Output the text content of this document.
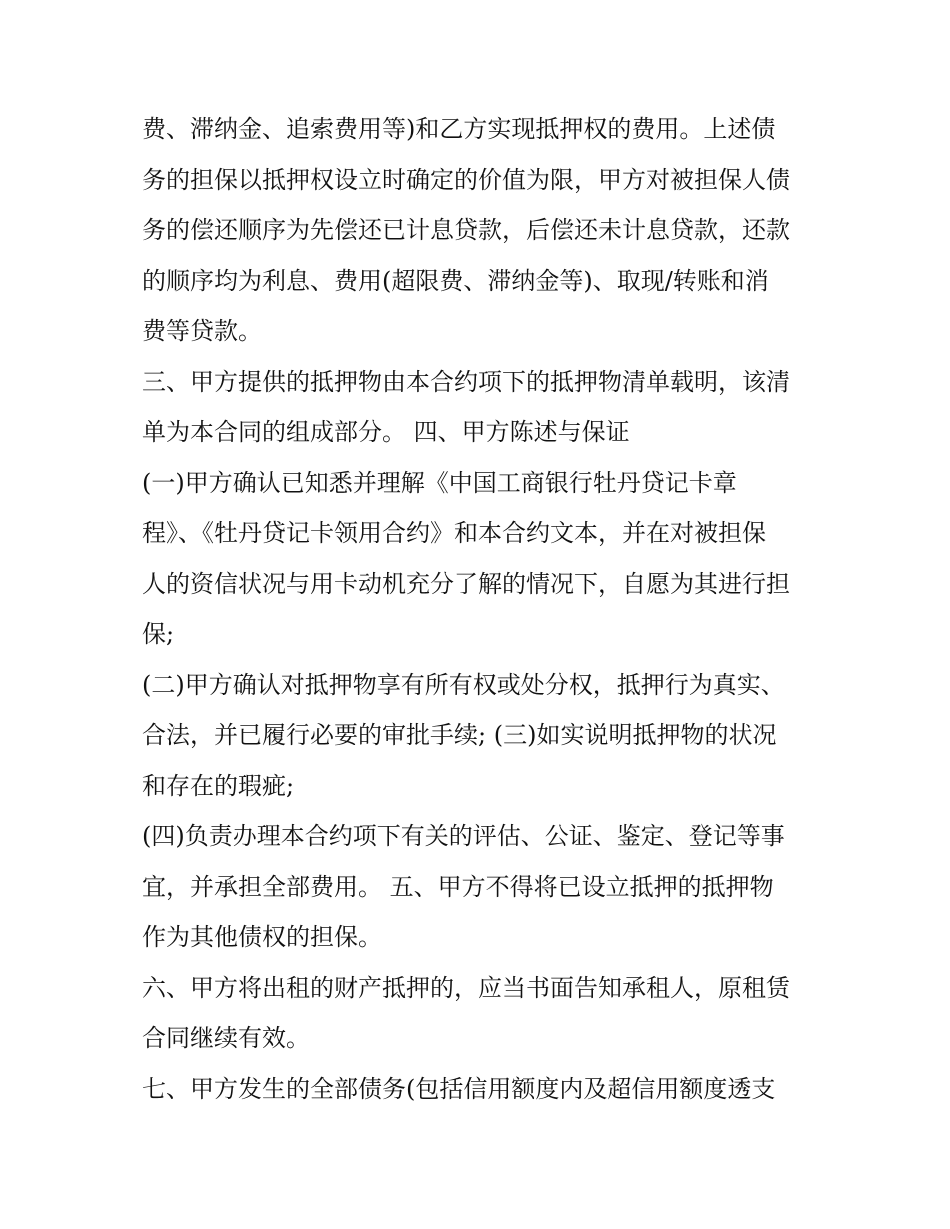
费、滞纳金、追索费用等)和乙方实现抵押权的费用。上述债
务的担保以抵押权设立时确定的价值为限，甲方对被担保人债
务的偿还顺序为先偿还已计息贷款，后偿还未计息贷款，还款
的顺序均为利息、费用(超限费、滞纳金等)、取现/转账和消
费等贷款。
三、甲方提供的抵押物由本合约项下的抵押物清单载明，该清
单为本合同的组成部分。 四、甲方陈述与保证
(一)甲方确认已知悉并理解《中国工商银行牡丹贷记卡章
程》、《牡丹贷记卡领用合约》和本合约文本，并在对被担保
人的资信状况与用卡动机充分了解的情况下，自愿为其进行担
保;
(二)甲方确认对抵押物享有所有权或处分权，抵押行为真实、
合法，并已履行必要的审批手续; (三)如实说明抵押物的状况
和存在的瑕疵;
(四)负责办理本合约项下有关的评估、公证、鉴定、登记等事
宜，并承担全部费用。 五、甲方不得将已设立抵押的抵押物
作为其他债权的担保。
六、甲方将出租的财产抵押的，应当书面告知承租人，原租赁
合同继续有效。
七、甲方发生的全部债务(包括信用额度内及超信用额度透支
